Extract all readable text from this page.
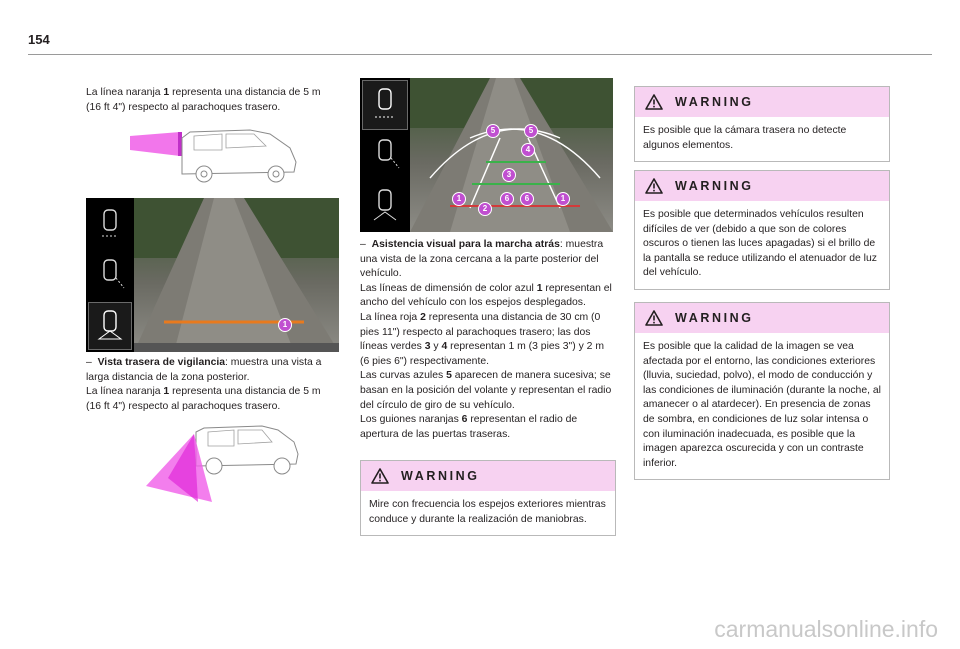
154

La línea naranja 1 representa una distancia de 5 m (16 ft 4") respecto al parachoques trasero.

1

– Vista trasera de vigilancia: muestra una vista a larga distancia de la zona posterior.

La línea naranja 1 representa una distancia de 5 m (16 ft 4") respecto al parachoques trasero.

5	5
4
3
1
2
6	6	1

– Asistencia visual para la marcha atrás: muestra una vista de la zona cercana a la parte posterior del vehículo.

Las líneas de dimensión de color azul 1 representan el ancho del vehículo con los espejos desplegados.

La línea roja 2 representa una distancia de 30 cm (0 pies 11") respecto al parachoques trasero; las dos líneas verdes 3 y 4 representan 1 m (3 pies 3") y 2 m (6 pies 6") respectivamente.

Las curvas azules 5 aparecen de manera sucesiva; se basan en la posición del volante y representan el radio del círculo de giro de su vehículo.

Los guiones naranjas 6 representan el radio de apertura de las puertas traseras.

WARNING
Mire con frecuencia los espejos exteriores mientras conduce y durante la realización de maniobras.
WARNING
Es posible que la cámara trasera no detecte algunos elementos.
WARNING
Es posible que determinados vehículos resulten difíciles de ver (debido a que son de colores oscuros o tienen las luces apagadas) si el brillo de la pantalla se reduce utilizando el atenuador de luz del vehículo.
WARNING
Es posible que la calidad de la imagen se vea afectada por el entorno, las condiciones exteriores (lluvia, suciedad, polvo), el modo de conducción y las condiciones de iluminación (durante la noche, al amanecer o al atardecer). En presencia de zonas de sombra, en condiciones de luz solar intensa o con iluminación inadecuada, es posible que la imagen aparezca oscurecida y con un contraste inferior.
carmanualsonline.info
